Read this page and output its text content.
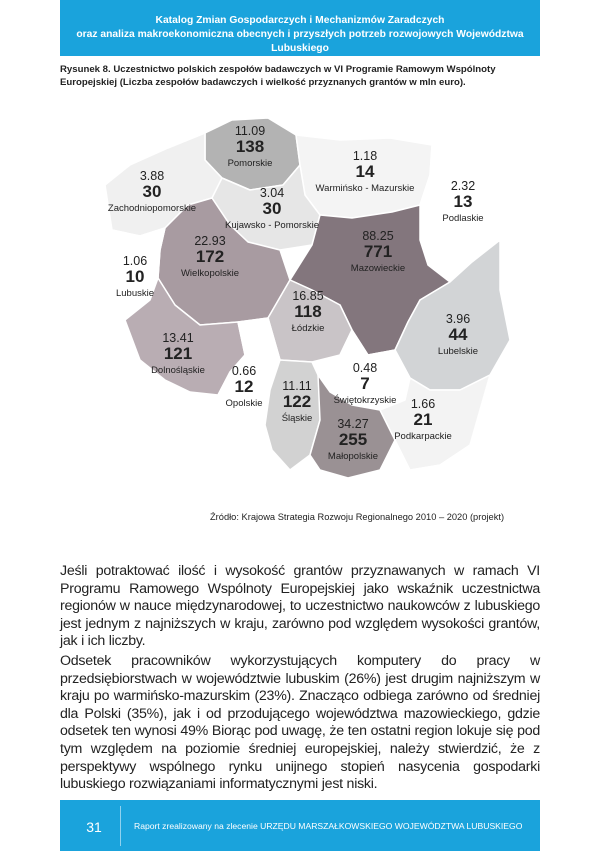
Katalog Zmian Gospodarczych i Mechanizmów Zaradczych
oraz analiza makroekonomiczna obecnych i przyszłych potrzeb rozwojowych Województwa Lubuskiego
Rysunek 8. Uczestnictwo polskich zespołów badawczych w VI Programie Ramowym Wspólnoty
Europejskiej (Liczba zespołów badawczych i wielkość przyznanych grantów w mln euro).
11.09
138
Pomorskie
1.18
14
Warmińsko - Mazurskie
3.88
30
Zachodniopomorskie
3.04
30
Kujawsko - Pomorskie
2.32
13
Podlaskie
22.93
172
Wielkopolskie
88.25
771
Mazowieckie
1.06
10
Lubuskie	16.85
118
Łódzkie
3.96
44
Lubelskie
13.41
121
Dolnośląskie	0.48
7
Świętokrzyskie
0.66
12
Opolskie
11.11
122
Śląskie 34.27
255
Małopolskie
1.66
21
Podkarpackie
Źródło: Krajowa Strategia Rozwoju Regionalnego 2010 – 2020 (projekt)
Jeśli potraktować ilość i wysokość grantów przyznawanych w ramach VI Programu Ramowego Wspólnoty Europejskiej jako wskaźnik uczestnictwa regionów w nauce międzynarodowej, to uczestnictwo naukowców z lubuskiego jest jednym z najniższych w kraju, zarówno pod względem wysokości grantów, jak i ich liczby.
Odsetek pracowników wykorzystujących komputery do pracy w przedsiębiorstwach w województwie lubuskim (26%) jest drugim najniższym w kraju po warmińsko-mazurskim (23%). Znacząco odbiega zarówno od średniej dla Polski (35%), jak i od przodującego województwa mazowieckiego, gdzie odsetek ten wynosi 49% Biorąc pod uwagę, że ten ostatni region lokuje się pod tym względem na poziomie średniej europejskiej, należy stwierdzić, że z perspektywy wspólnego rynku unijnego stopień nasycenia gospodarki lubuskiego rozwiązaniami informatycznymi jest niski.
31	Raport zrealizowany na zlecenie URZĘDU MARSZAŁKOWSKIEGO WOJEWÓDZTWA LUBUSKIEGO
